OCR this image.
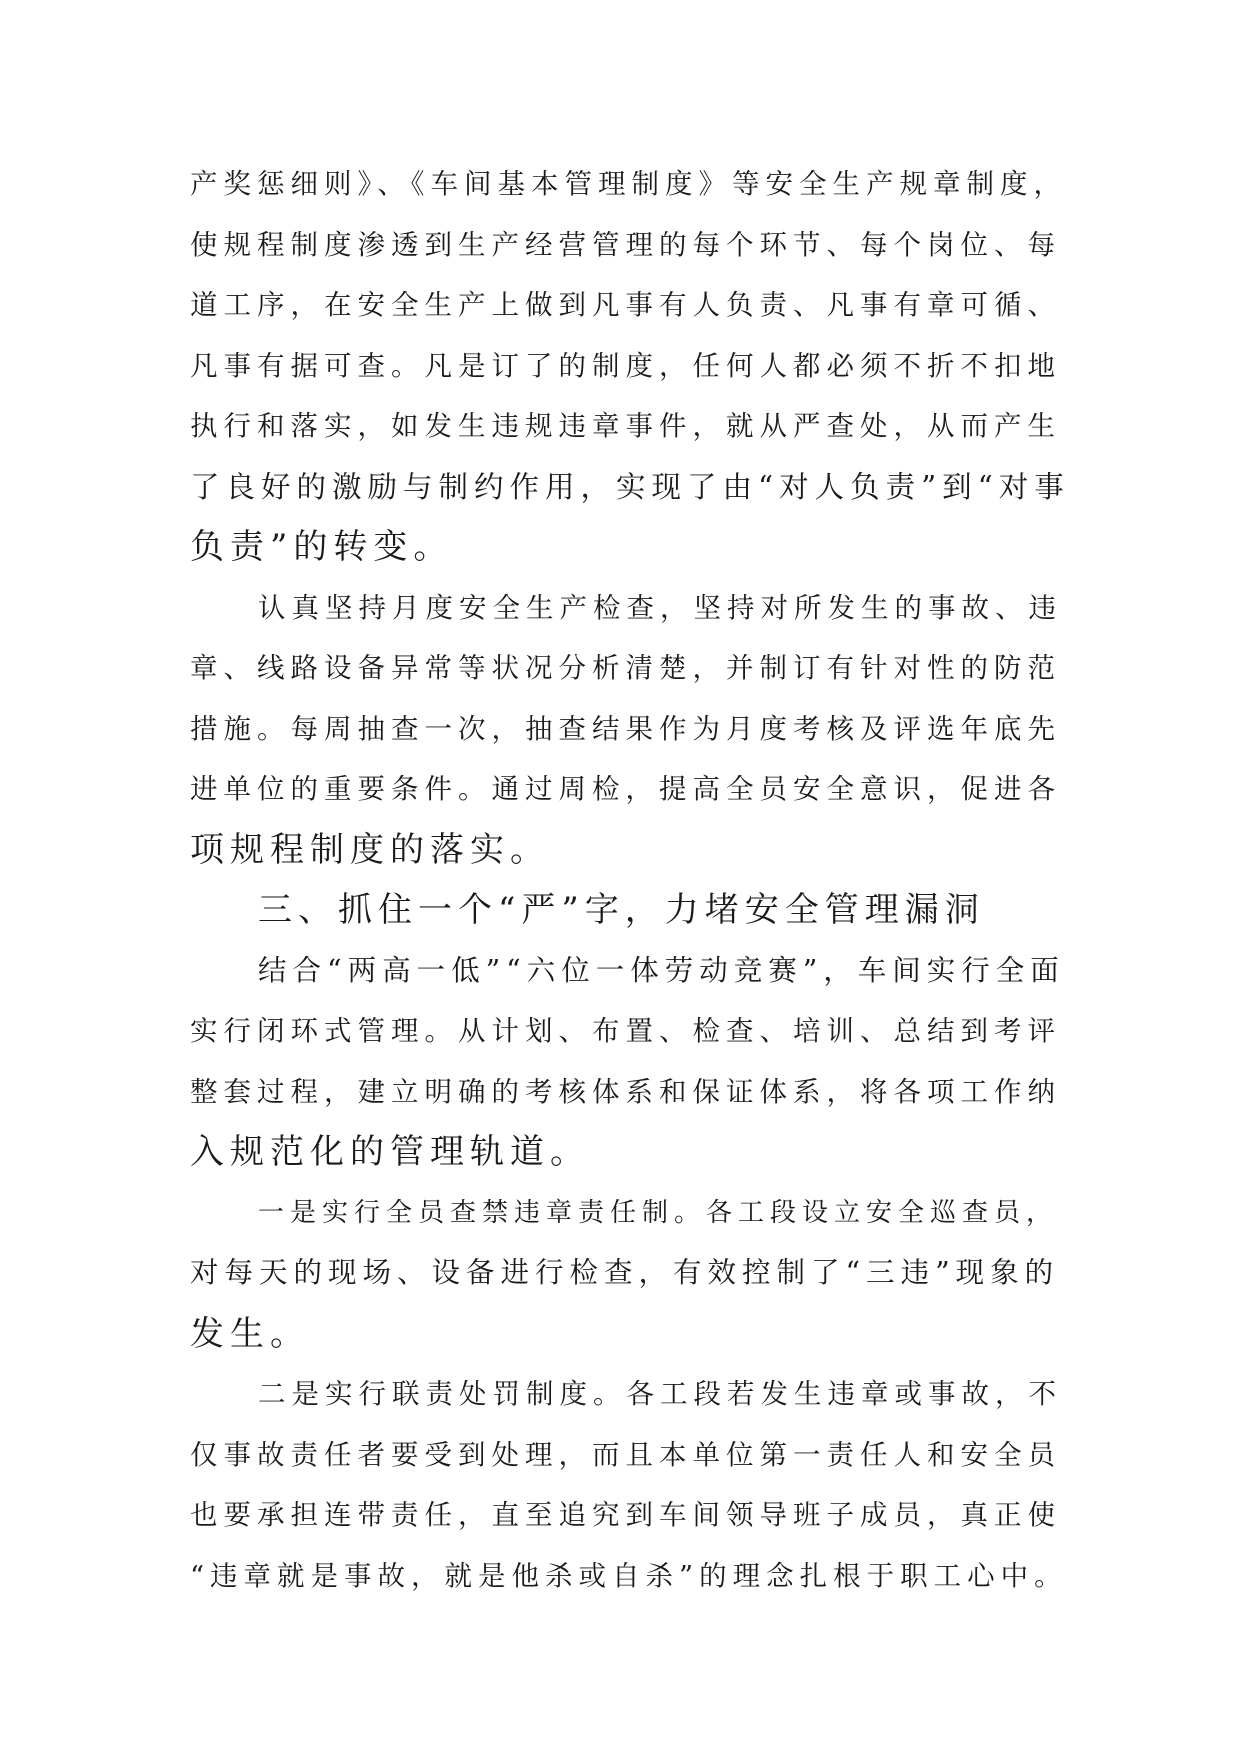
产奖惩细则》、《车间基本管理制度》等安全生产规章制度，
使规程制度渗透到生产经营管理的每个环节、每个岗位、每
道工序，在安全生产上做到凡事有人负责、凡事有章可循、
凡事有据可查。凡是订了的制度，任何人都必须不折不扣地
执行和落实，如发生违规违章事件，就从严查处，从而产生
了良好的激励与制约作用，实现了由“对人负责”到“对事
负责”的转变。
认真坚持月度安全生产检查，坚持对所发生的事故、违
章、线路设备异常等状况分析清楚，并制订有针对性的防范
措施。每周抽查一次，抽查结果作为月度考核及评选年底先
进单位的重要条件。通过周检，提高全员安全意识，促进各
项规程制度的落实。
三、抓住一个“严”字，力堵安全管理漏洞
结合“两高一低”“六位一体劳动竞赛”，车间实行全面
实行闭环式管理。从计划、布置、检查、培训、总结到考评
整套过程，建立明确的考核体系和保证体系，将各项工作纳
入规范化的管理轨道。
一是实行全员查禁违章责任制。各工段设立安全巡查员，
对每天的现场、设备进行检查，有效控制了“三违”现象的
发生。
二是实行联责处罚制度。各工段若发生违章或事故，不
仅事故责任者要受到处理，而且本单位第一责任人和安全员
也要承担连带责任，直至追究到车间领导班子成员，真正使
“违章就是事故，就是他杀或自杀”的理念扎根于职工心中。
